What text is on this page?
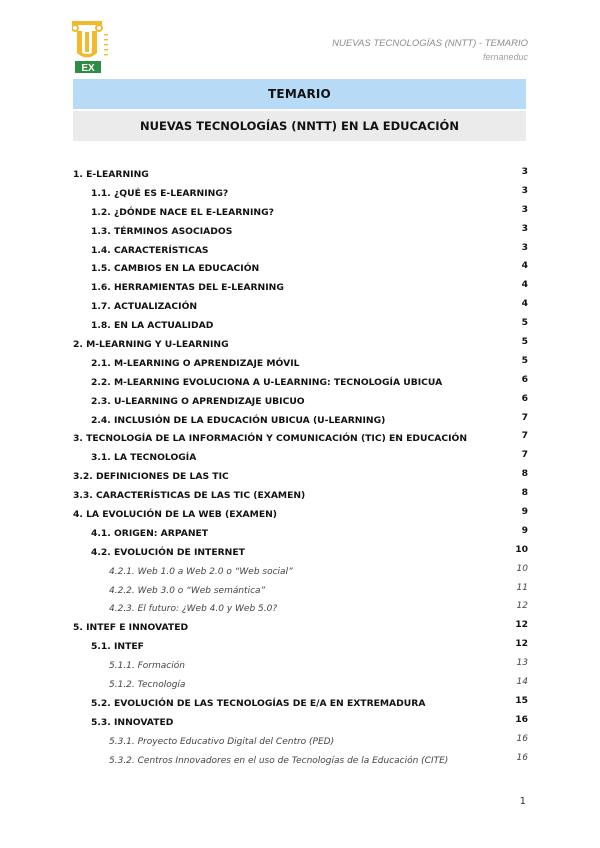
EX
NUEVAS TECNOLOGÍAS (NNTT) - TEMARIO
fernaneduc
TEMARIO
NUEVAS TECNOLOGÍAS (NNTT) EN LA EDUCACIÓN
1. E-LEARNING	3
1.1. ¿QUÉ ES E-LEARNING?	3
1.2. ¿DÓNDE NACE EL E-LEARNING?	3
1.3. TÉRMINOS ASOCIADOS	3
1.4. CARACTERÍSTICAS	3
1.5. CAMBIOS EN LA EDUCACIÓN	4
1.6. HERRAMIENTAS DEL E-LEARNING	4
1.7. ACTUALIZACIÓN	4
1.8. EN LA ACTUALIDAD	5
2. M-LEARNING Y U-LEARNING	5
2.1. M-LEARNING O APRENDIZAJE MÓVIL	5
2.2. M-LEARNING EVOLUCIONA A U-LEARNING: TECNOLOGÍA UBICUA	6
2.3. U-LEARNING O APRENDIZAJE UBICUO	6
2.4. INCLUSIÓN DE LA EDUCACIÓN UBICUA (U-LEARNING)	7
3. TECNOLOGÍA DE LA INFORMACIÓN Y COMUNICACIÓN (TIC) EN EDUCACIÓN	7
3.1. LA TECNOLOGÍA	7
3.2. DEFINICIONES DE LAS TIC	8
3.3. CARACTERÍSTICAS DE LAS TIC (EXAMEN)	8
4. LA EVOLUCIÓN DE LA WEB (EXAMEN)	9
4.1. ORIGEN: ARPANET	9
4.2. EVOLUCIÓN DE INTERNET	10
4.2.1. Web 1.0 a Web 2.0 o “Web social”	10
4.2.2. Web 3.0 o “Web semántica”	11
4.2.3. El futuro: ¿Web 4.0 y Web 5.0?	12
5. INTEF E INNOVATED	12
5.1. INTEF	12
5.1.1. Formación	13
5.1.2. Tecnología	14
5.2. EVOLUCIÓN DE LAS TECNOLOGÍAS DE E/A EN EXTREMADURA	15
5.3. INNOVATED	16
5.3.1. Proyecto Educativo Digital del Centro (PED)	16
5.3.2. Centros Innovadores en el uso de Tecnologías de la Educación (CITE)	16
1
